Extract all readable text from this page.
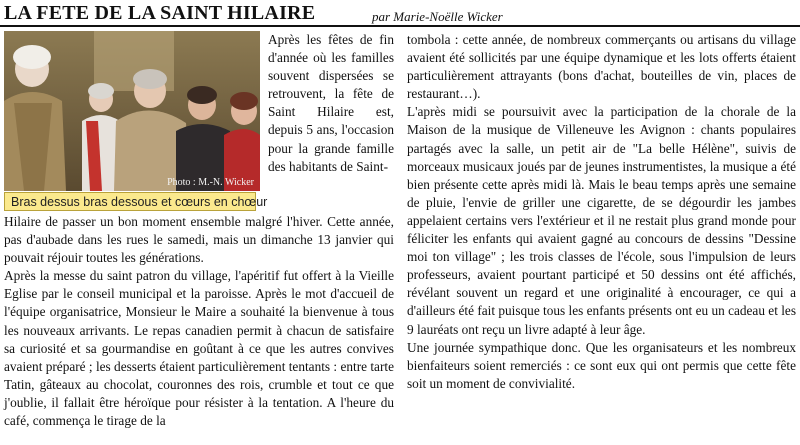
LA FETE DE LA SAINT HILAIRE	par Marie-Noëlle Wicker
Photo : M.-N. Wicker
Bras dessus bras dessous et cœurs en chœur

Après les fêtes de fin d'année où les familles souvent dispersées se retrouvent, la fête de Saint Hilaire est, depuis 5 ans, l'occasion pour la grande famille des habitants de Saint-

Hilaire de passer un bon moment ensemble malgré l'hiver. Cette année, pas d'aubade dans les rues le samedi, mais un dimanche 13 janvier qui pouvait réjouir toutes les générations.

Après la messe du saint patron du village, l'apéritif fut offert à la Vieille Eglise par le conseil municipal et la paroisse. Après le mot d'accueil de l'équipe organisatrice, Monsieur le Maire a souhaité la bienvenue à tous les nouveaux arrivants. Le repas canadien permit à chacun de satisfaire sa curiosité et sa gourmandise en goûtant à ce que les autres convives avaient préparé ; les desserts étaient particulièrement tentants : entre tarte Tatin, gâteaux au chocolat, couronnes des rois, crumble et tout ce que j'oublie, il fallait être héroïque pour résister à la tentation. A l'heure du café, commença le tirage de la

tombola : cette année, de nombreux commerçants ou artisans du village avaient été sollicités par une équipe dynamique et les lots offerts étaient particulièrement attrayants (bons d'achat, bouteilles de vin, places de restaurant…).

L'après midi se poursuivit avec la participation de la chorale de la Maison de la musique de Villeneuve les Avignon : chants populaires partagés avec la salle, un petit air de "La belle Hélène", suivis de morceaux musicaux joués par de jeunes instrumentistes, la musique a été bien présente cette après midi là. Mais le beau temps après une semaine de pluie, l'envie de griller une cigarette, de se dégourdir les jambes appelaient certains vers l'extérieur et il ne restait plus grand monde pour féliciter les enfants qui avaient gagné au concours de dessins "Dessine moi ton village" ; les trois classes de l'école, sous l'impulsion de leurs professeurs, avaient pourtant participé et 50 dessins ont été affichés, révélant souvent un regard et une originalité à encourager, ce qui a d'ailleurs été fait puisque tous les enfants présents ont eu un cadeau et les 9 lauréats ont reçu un livre adapté à leur âge.

Une journée sympathique donc. Que les organisateurs et les nombreux bienfaiteurs soient remerciés : ce sont eux qui ont permis que cette fête soit un moment de convivialité.
